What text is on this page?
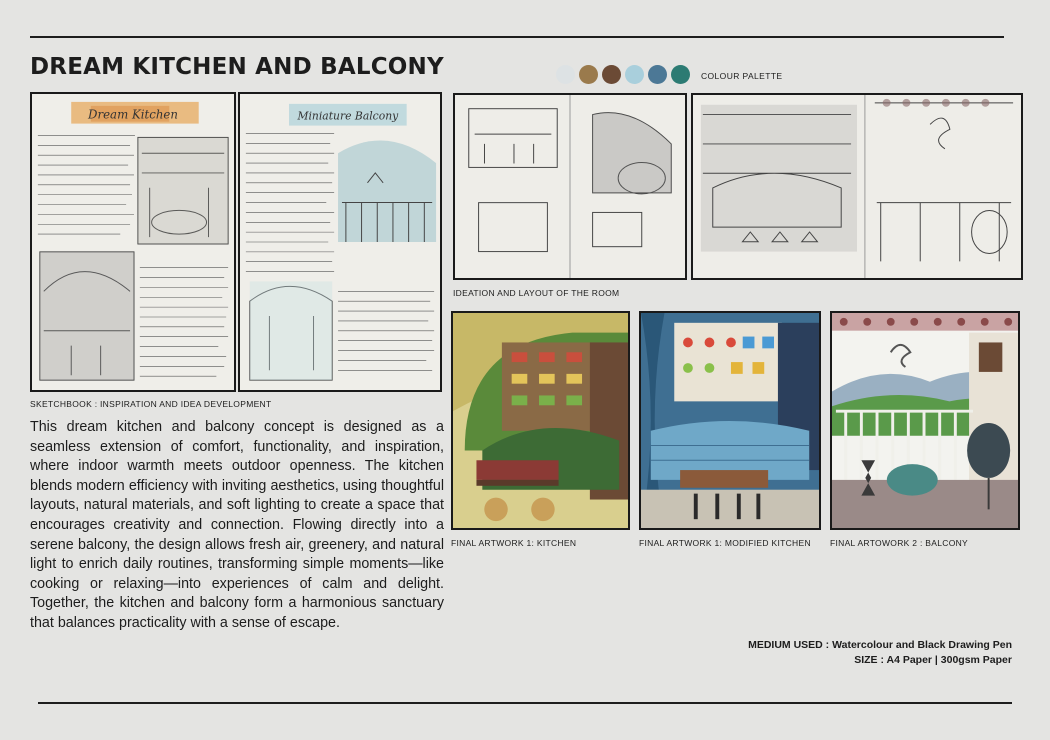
DREAM KITCHEN AND BALCONY	COLOUR PALETTE
Dream Kitchen	Miniature Balcony
SKETCHBOOK : INSPIRATION AND IDEA DEVELOPMENT

This dream kitchen and balcony concept is designed as a seamless extension of comfort, functionality, and inspiration, where indoor warmth meets outdoor openness. The kitchen blends modern efficiency with inviting aesthetics, using thoughtful layouts, natural materials, and soft lighting to create a space that encourages creativity and connection. Flowing directly into a serene balcony, the design allows fresh air, greenery, and natural light to enrich daily routines, transforming simple moments—like cooking or relaxing—into experiences of calm and delight. Together, the kitchen and balcony form a harmonious sanctuary that balances practicality with a sense of escape.

IDEATION AND LAYOUT OF THE ROOM
FINAL ARTWORK 1: KITCHEN	FINAL ARTWORK 1: MODIFIED KITCHEN FINAL ARTOWORK 2 : BALCONY
MEDIUM USED : Watercolour and Black Drawing Pen
SIZE : A4 Paper | 300gsm Paper
